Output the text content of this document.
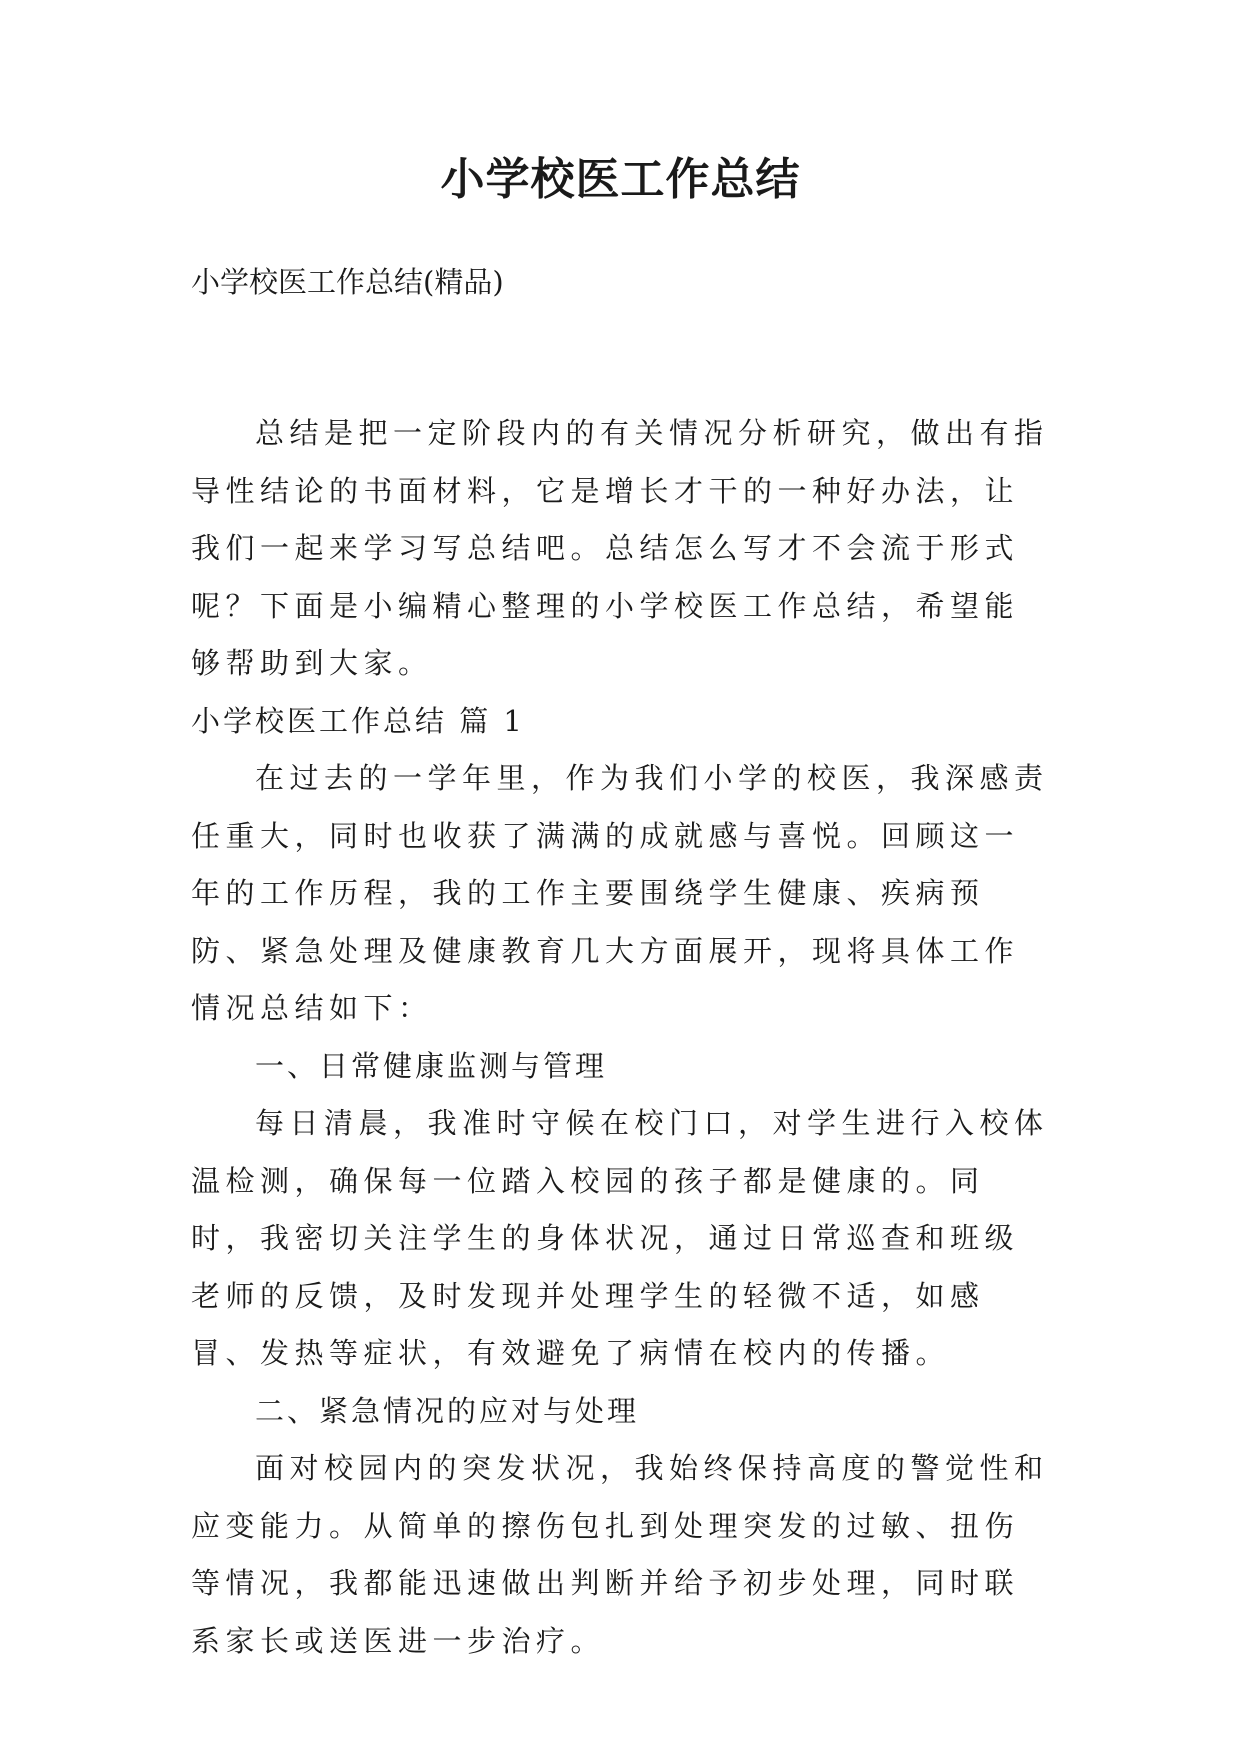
小学校医工作总结

小学校医工作总结(精品)

总结是把一定阶段内的有关情况分析研究，做出有指导性结论的书面材料，它是增长才干的一种好办法，让我们一起来学习写总结吧。总结怎么写才不会流于形式呢？下面是小编精心整理的小学校医工作总结，希望能够帮助到大家。

小学校医工作总结 篇 1

在过去的一学年里，作为我们小学的校医，我深感责任重大，同时也收获了满满的成就感与喜悦。回顾这一年的工作历程，我的工作主要围绕学生健康、疾病预防、紧急处理及健康教育几大方面展开，现将具体工作情况总结如下：

一、日常健康监测与管理

每日清晨，我准时守候在校门口，对学生进行入校体温检测，确保每一位踏入校园的孩子都是健康的。同时，我密切关注学生的身体状况，通过日常巡查和班级老师的反馈，及时发现并处理学生的轻微不适，如感冒、发热等症状，有效避免了病情在校内的传播。

二、紧急情况的应对与处理

面对校园内的突发状况，我始终保持高度的警觉性和应变能力。从简单的擦伤包扎到处理突发的过敏、扭伤等情况，我都能迅速做出判断并给予初步处理，同时联系家长或送医进一步治疗。
